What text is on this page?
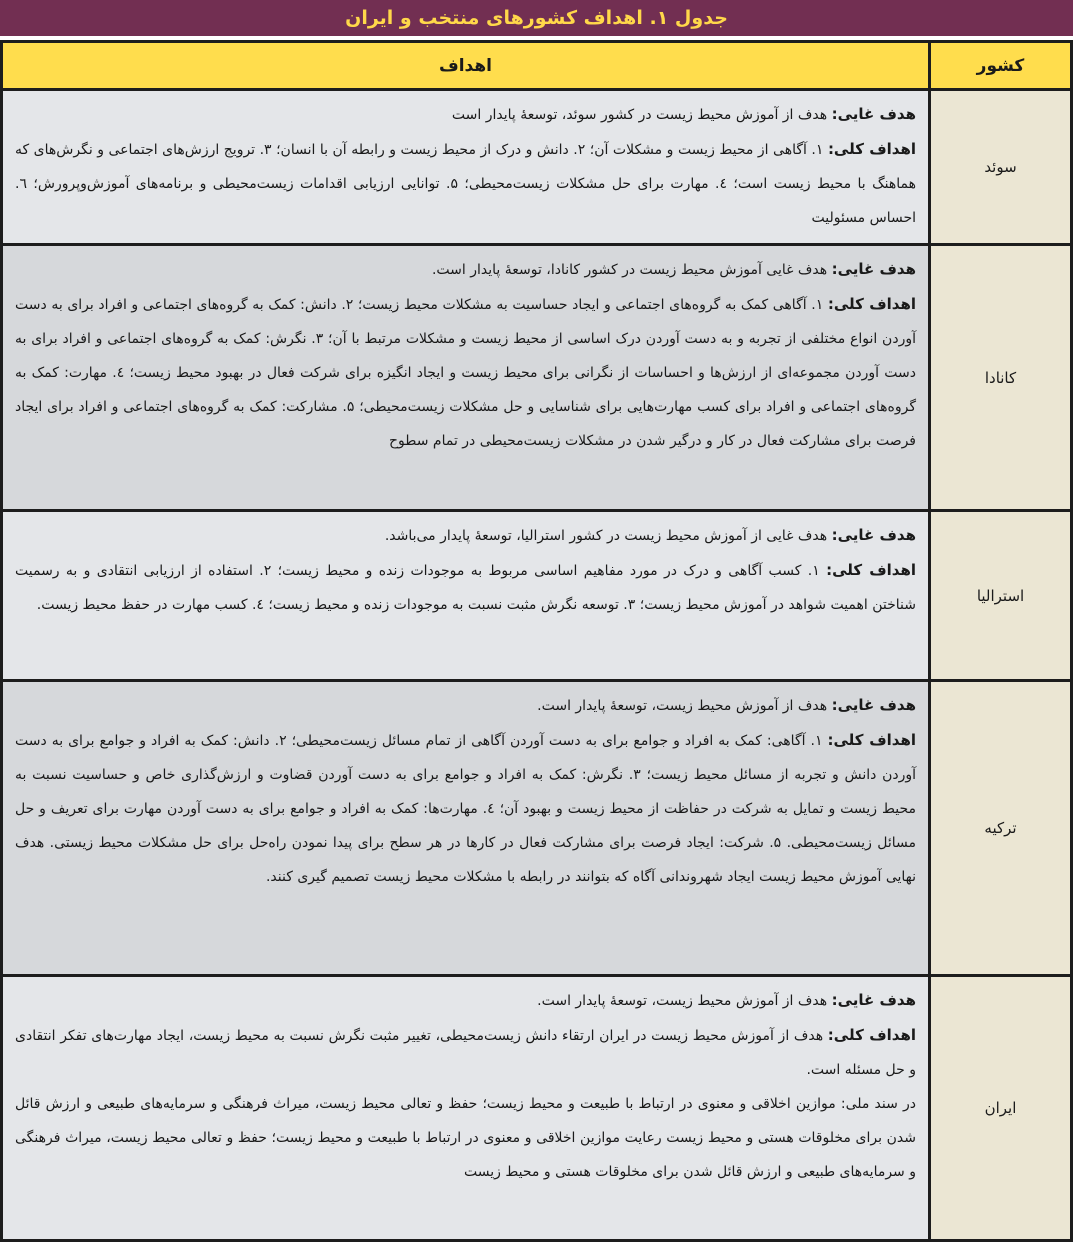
جدول ۱. اهداف کشورهای منتخب و ایران
کشور	اهداف
سوئد	هدف غایی: هدف از آموزش محیط زیست در کشور سوئد، توسعهٔ پایدار است

اهداف کلی: ۱. آگاهی از محیط زیست و مشکلات آن؛ ۲. دانش و درک از محیط زیست و رابطه آن با انسان؛ ۳. ترویج ارزش‌های اجتماعی و نگرش‌های که هماهنگ با محیط زیست است؛ ٤. مهارت برای حل مشکلات زیست‌محیطی؛ ۵. توانایی ارزیابی اقدامات زیست‌محیطی و برنامه‌های آموزش‌وپرورش؛ ٦. احساس مسئولیت

کانادا	هدف غایی: هدف غایی آموزش محیط زیست در کشور کانادا، توسعهٔ پایدار است.

اهداف کلی: ۱. آگاهی کمک به گروه‌های اجتماعی و ایجاد حساسیت به مشکلات محیط زیست؛ ۲. دانش: کمک به گروه‌های اجتماعی و افراد برای به دست آوردن انواع مختلفی از تجربه و به دست آوردن درک اساسی از محیط زیست و مشکلات مرتبط با آن؛ ۳. نگرش: کمک به گروه‌های اجتماعی و افراد برای به دست آوردن مجموعه‌ای از ارزش‌ها و احساسات از نگرانی برای محیط زیست و ایجاد انگیزه برای شرکت فعال در بهبود محیط زیست؛ ٤. مهارت: کمک به گروه‌های اجتماعی و افراد برای کسب مهارت‌هایی برای شناسایی و حل مشکلات زیست‌محیطی؛ ۵. مشارکت: کمک به گروه‌های اجتماعی و افراد برای ایجاد فرصت برای مشارکت فعال در کار و درگیر شدن در مشکلات زیست‌محیطی در تمام سطوح

استرالیا	هدف غایی: هدف غایی از آموزش محیط زیست در کشور استرالیا، توسعهٔ پایدار می‌باشد.

اهداف کلی: ۱. کسب آگاهی و درک در مورد مفاهیم اساسی مربوط به موجودات زنده و محیط زیست؛ ۲. استفاده از ارزیابی انتقادی و به رسمیت شناختن اهمیت شواهد در آموزش محیط زیست؛ ۳. توسعه نگرش مثبت نسبت به موجودات زنده و محیط زیست؛ ٤. کسب مهارت در حفظ محیط زیست.

ترکیه	هدف غایی: هدف از آموزش محیط زیست، توسعهٔ پایدار است.

اهداف کلی: ۱. آگاهی: کمک به افراد و جوامع برای به دست آوردن آگاهی از تمام مسائل زیست‌محیطی؛ ۲. دانش: کمک به افراد و جوامع برای به دست آوردن دانش و تجربه از مسائل محیط زیست؛ ۳. نگرش: کمک به افراد و جوامع برای به دست آوردن قضاوت و ارزش‌گذاری خاص و حساسیت نسبت به محیط زیست و تمایل به شرکت در حفاظت از محیط زیست و بهبود آن؛ ٤. مهارت‌ها: کمک به افراد و جوامع برای به دست آوردن مهارت برای تعریف و حل مسائل زیست‌محیطی. ۵. شرکت: ایجاد فرصت برای مشارکت فعال در کارها در هر سطح برای پیدا نمودن راه‌حل برای حل مشکلات محیط زیستی. هدف نهایی آموزش محیط زیست ایجاد شهروندانی آگاه که بتوانند در رابطه با مشکلات محیط زیست تصمیم گیری کنند.

ایران	هدف غایی: هدف از آموزش محیط زیست، توسعهٔ پایدار است.

اهداف کلی: هدف از آموزش محیط زیست در ایران ارتقاء دانش زیست‌محیطی، تغییر مثبت نگرش نسبت به محیط زیست، ایجاد مهارت‌های تفکر انتقادی و حل مسئله است.

در سند ملی: موازین اخلاقی و معنوی در ارتباط با طبیعت و محیط زیست؛ حفظ و تعالی محیط زیست، میراث فرهنگی و سرمایه‌های طبیعی و ارزش قائل شدن برای مخلوقات هستی و محیط زیست رعایت موازین اخلاقی و معنوی در ارتباط با طبیعت و محیط زیست؛ حفظ و تعالی محیط زیست، میراث فرهنگی و سرمایه‌های طبیعی و ارزش قائل شدن برای مخلوقات هستی و محیط زیست
